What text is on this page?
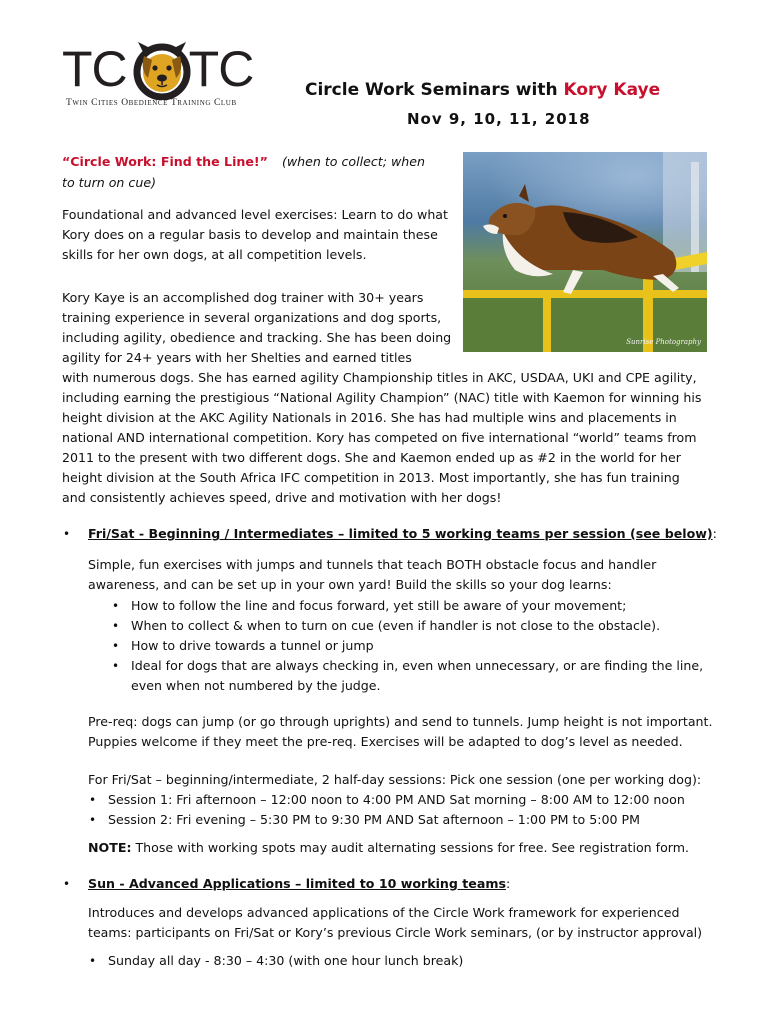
TC TC
Twin Cities Obedience Training Club
Circle Work Seminars with Kory Kaye
Nov 9, 10, 11, 2018
Sunrise Photography
“Circle Work: Find the Line!” (when to collect; when
to turn on cue)
Foundational and advanced level exercises: Learn to do what
Kory does on a regular basis to develop and maintain these
skills for her own dogs, at all competition levels.
Kory Kaye is an accomplished dog trainer with 30+ years
training experience in several organizations and dog sports,
including agility, obedience and tracking. She has been doing
agility for 24+ years with her Shelties and earned titles
with numerous dogs. She has earned agility Championship titles in AKC, USDAA, UKI and CPE agility,
including earning the prestigious “National Agility Champion” (NAC) title with Kaemon for winning his
height division at the AKC Agility Nationals in 2016. She has had multiple wins and placements in
national AND international competition. Kory has competed on five international “world” teams from
2011 to the present with two different dogs. She and Kaemon ended up as #2 in the world for her
height division at the South Africa IFC competition in 2013. Most importantly, she has fun training
and consistently achieves speed, drive and motivation with her dogs!
• Fri/Sat - Beginning / Intermediates – limited to 5 working teams per session (see below):
Simple, fun exercises with jumps and tunnels that teach BOTH obstacle focus and handler
awareness, and can be set up in your own yard! Build the skills so your dog learns:
• How to follow the line and focus forward, yet still be aware of your movement;
• When to collect & when to turn on cue (even if handler is not close to the obstacle).
• How to drive towards a tunnel or jump
• Ideal for dogs that are always checking in, even when unnecessary, or are finding the line,
even when not numbered by the judge.
Pre-req: dogs can jump (or go through uprights) and send to tunnels. Jump height is not important.
Puppies welcome if they meet the pre-req. Exercises will be adapted to dog’s level as needed.
For Fri/Sat – beginning/intermediate, 2 half-day sessions: Pick one session (one per working dog):
• Session 1: Fri afternoon – 12:00 noon to 4:00 PM AND Sat morning – 8:00 AM to 12:00 noon
• Session 2: Fri evening – 5:30 PM to 9:30 PM AND Sat afternoon – 1:00 PM to 5:00 PM
NOTE: Those with working spots may audit alternating sessions for free. See registration form.
• Sun - Advanced Applications – limited to 10 working teams:
Introduces and develops advanced applications of the Circle Work framework for experienced
teams: participants on Fri/Sat or Kory’s previous Circle Work seminars, (or by instructor approval)
• Sunday all day - 8:30 – 4:30 (with one hour lunch break)
